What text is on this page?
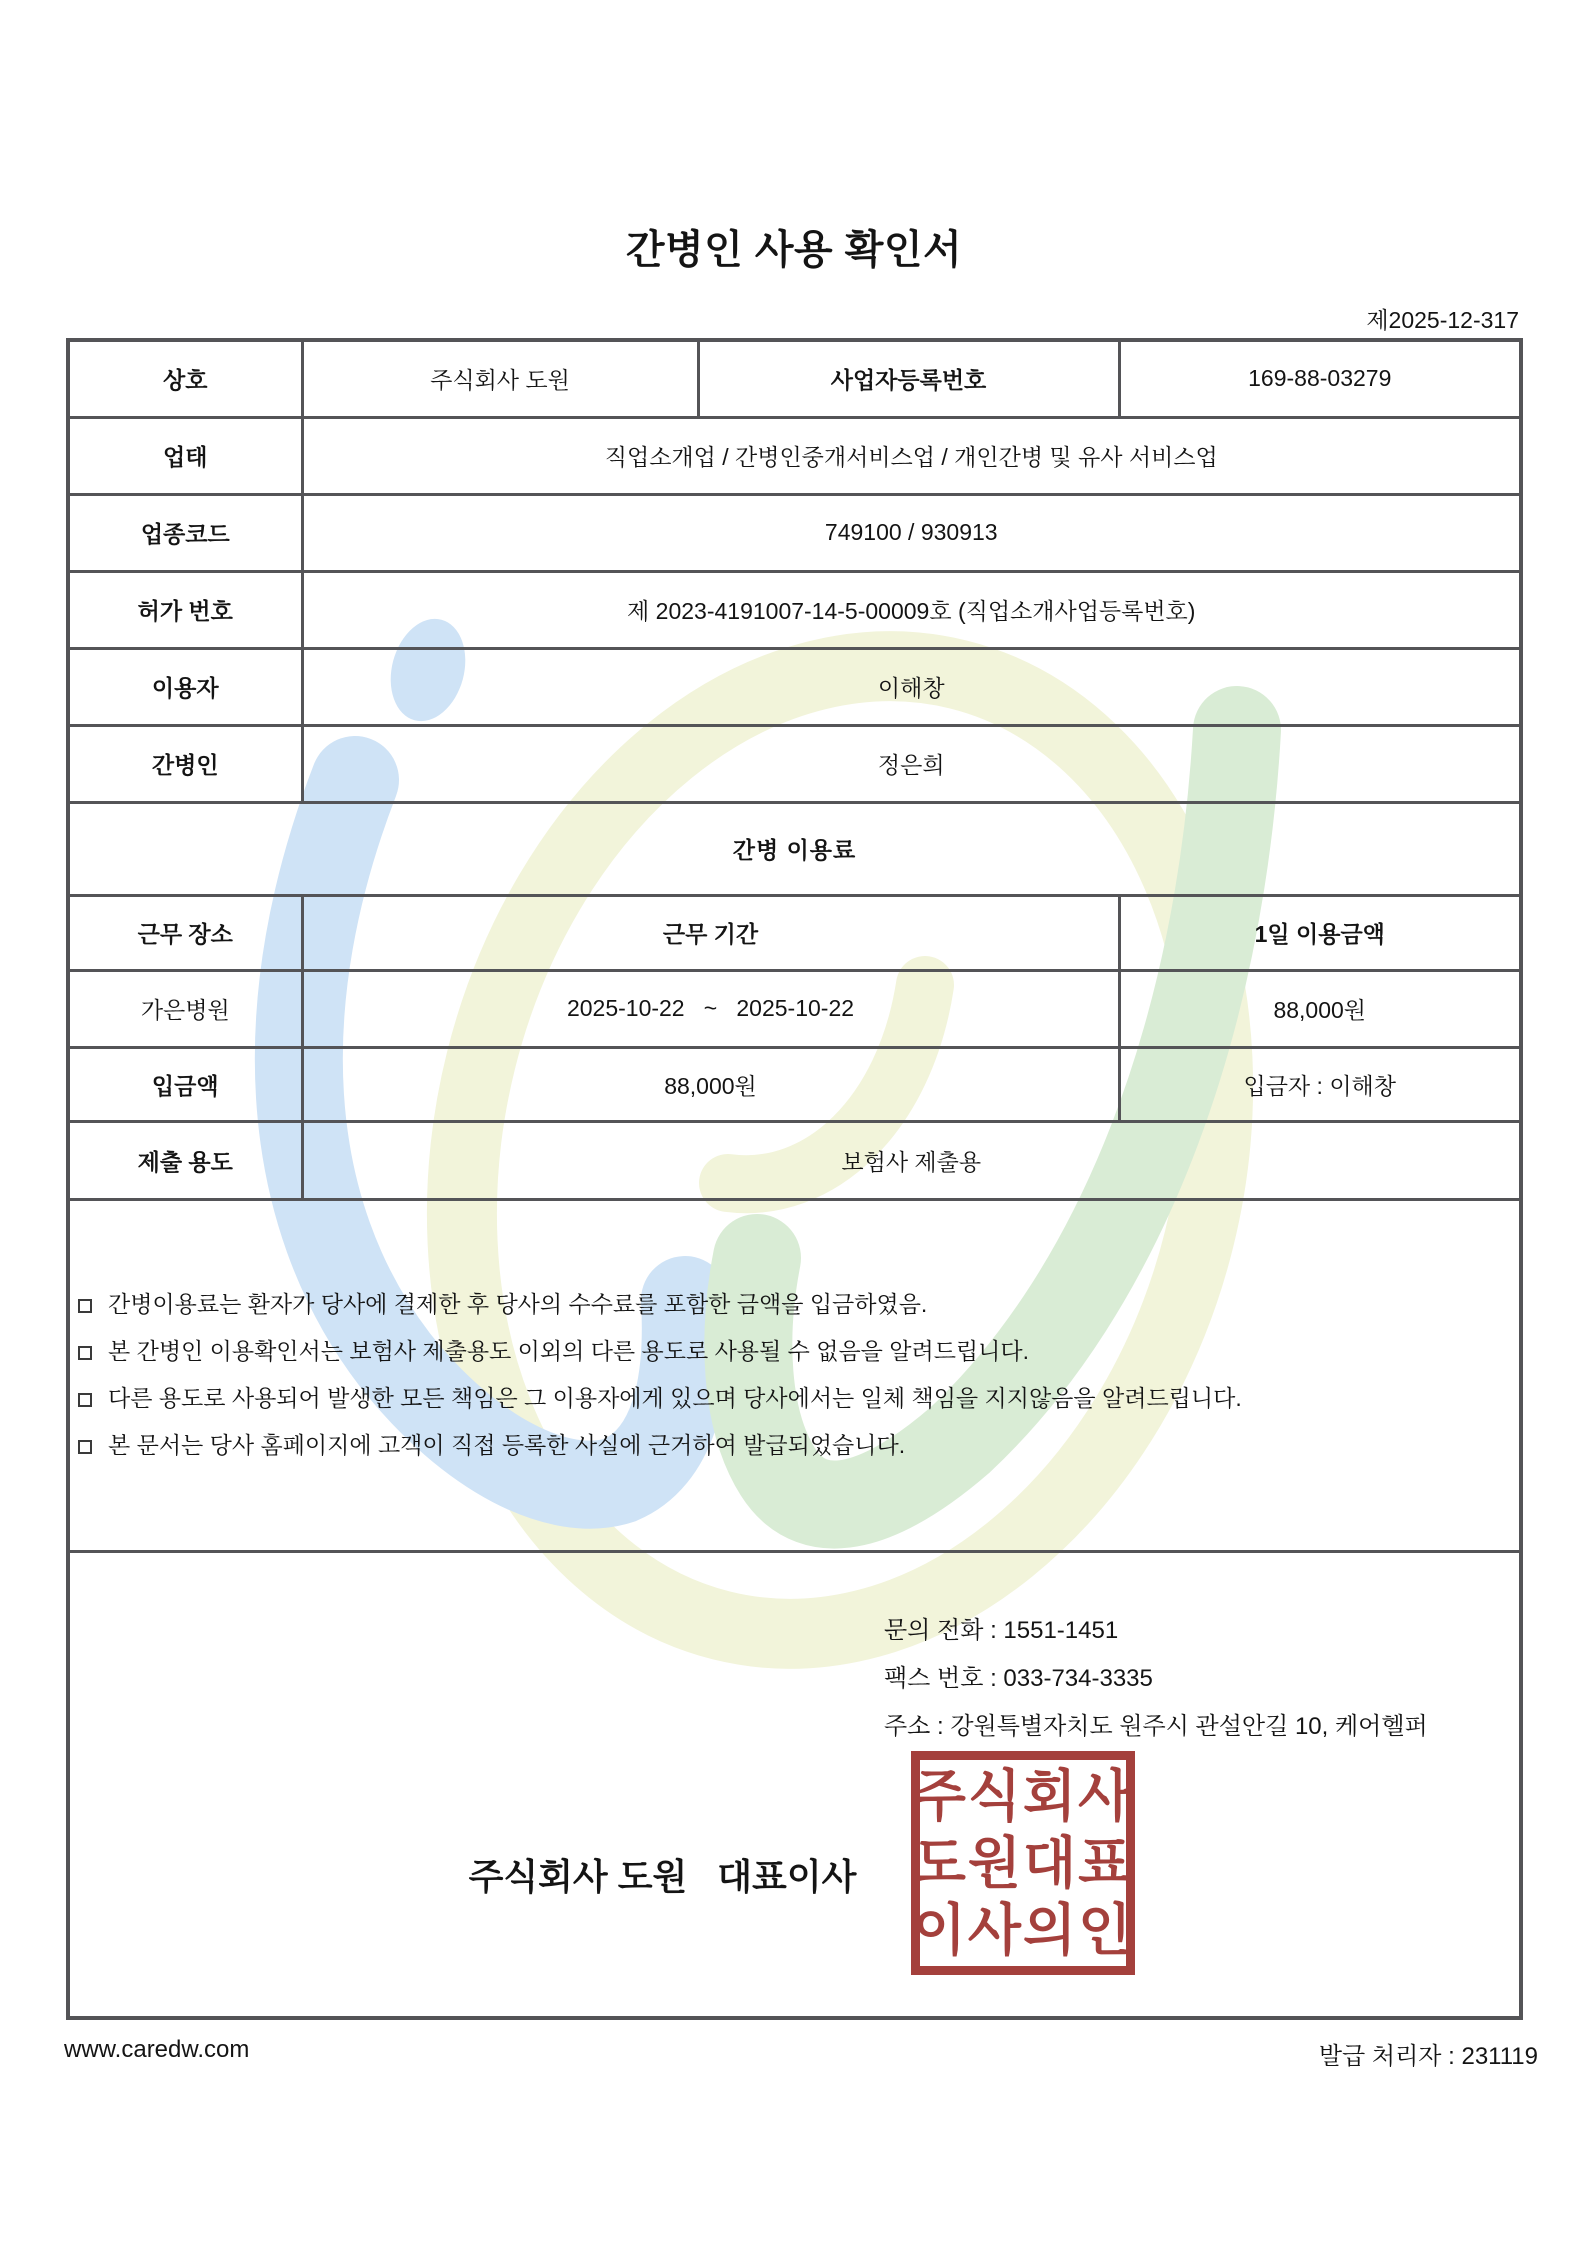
간병인 사용 확인서
제2025-12-317
상호	주식회사 도원	사업자등록번호	169-88-03279
업태	직업소개업 / 간병인중개서비스업 / 개인간병 및 유사 서비스업		
업종코드	749100 / 930913		
허가 번호	제 2023-4191007-14-5-00009호 (직업소개사업등록번호)		
이용자	이해창		
간병인	정은희		
간병 이용료			
근무 장소	근무 기간		1일 이용금액
가은병원	2025-10-22   ~   2025-10-22		88,000원
입금액	88,000원		입금자 : 이해창
제출 용도	보험사 제출용		

간병이용료는 환자가 당사에 결제한 후 당사의 수수료를 포함한 금액을 입금하였음.
본 간병인 이용확인서는 보험사 제출용도 이외의 다른 용도로 사용될 수 없음을 알려드립니다.
다른 용도로 사용되어 발생한 모든 책임은 그 이용자에게 있으며 당사에서는 일체 책임을 지지않음을 알려드립니다.
본 문서는 당사 홈페이지에 고객이 직접 등록한 사실에 근거하여 발급되었습니다.			

문의 전화 : 1551-1451
팩스 번호 : 033-734-3335
주소 : 강원특별자치도 원주시 관설안길 10, 케어헬퍼
주식회사 도원   대표이사
주식회사
도원대표
이사의인
www.caredw.com	발급 처리자 : 231119
